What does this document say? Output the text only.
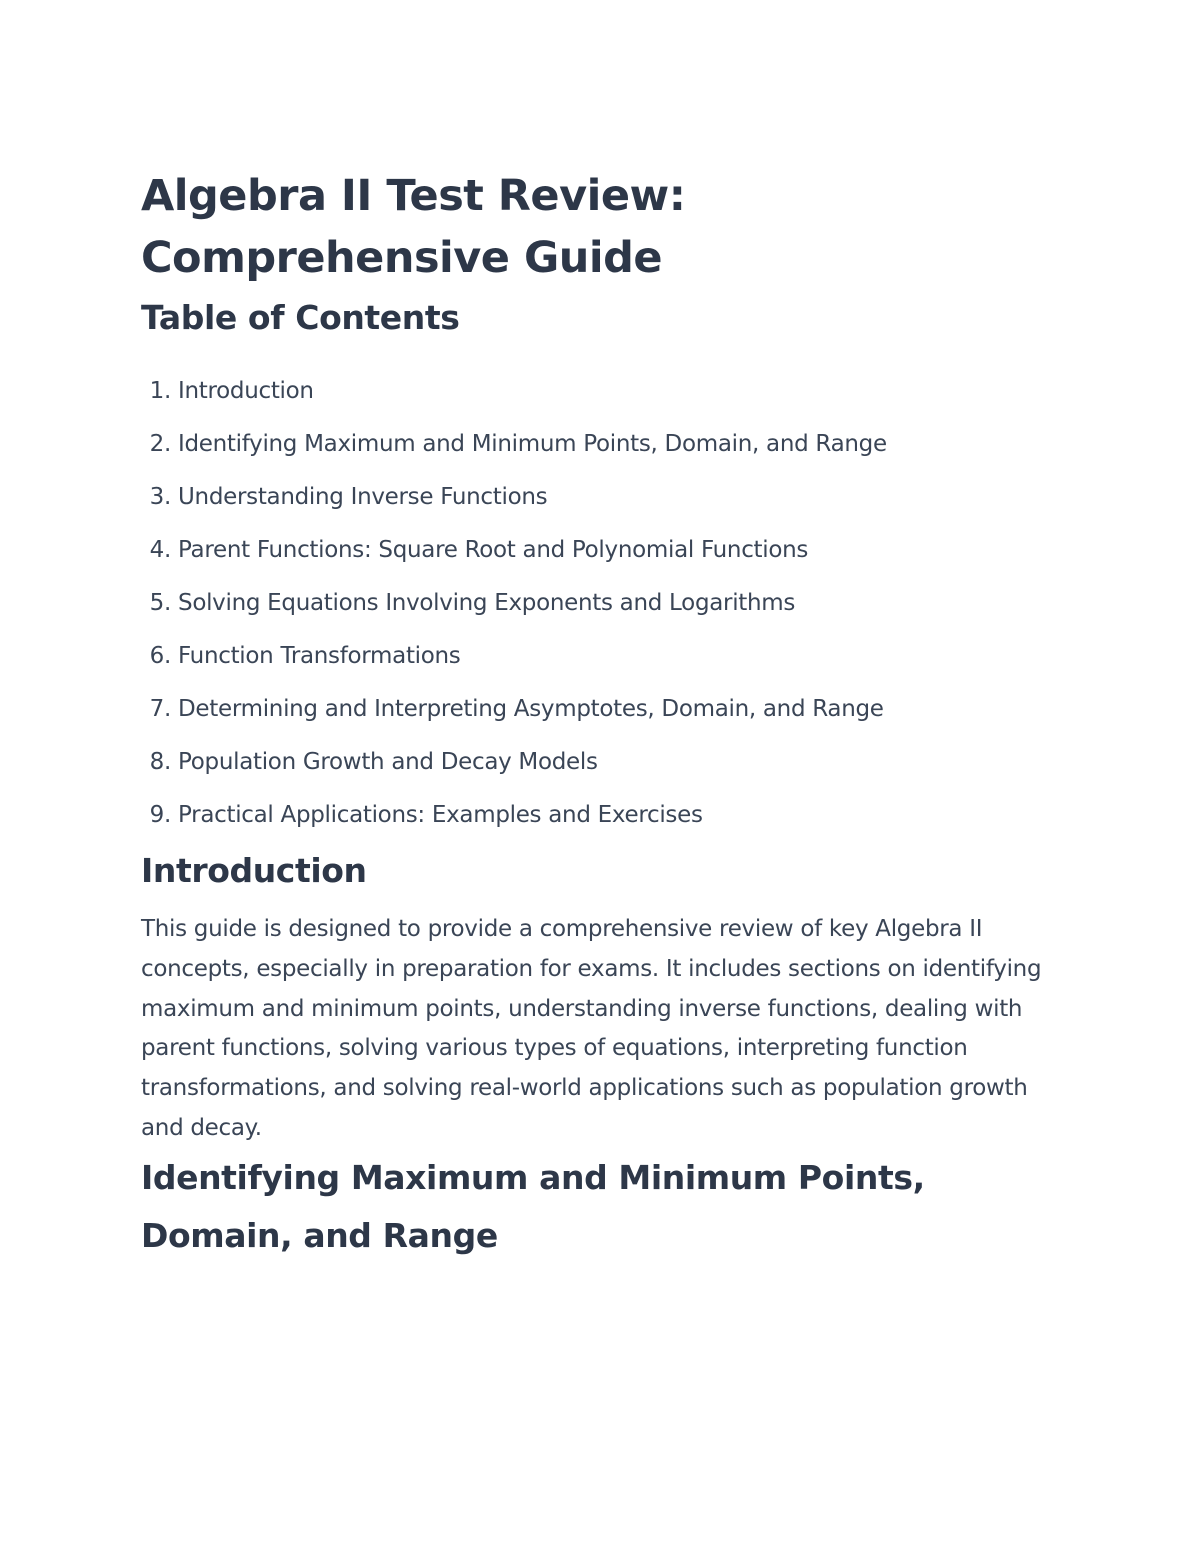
Algebra II Test Review: Comprehensive Guide
Table of Contents
1. Introduction
2. Identifying Maximum and Minimum Points, Domain, and Range
3. Understanding Inverse Functions
4. Parent Functions: Square Root and Polynomial Functions
5. Solving Equations Involving Exponents and Logarithms
6. Function Transformations
7. Determining and Interpreting Asymptotes, Domain, and Range
8. Population Growth and Decay Models
9. Practical Applications: Examples and Exercises
Introduction

This guide is designed to provide a comprehensive review of key Algebra II concepts, especially in preparation for exams. It includes sections on identifying maximum and minimum points, understanding inverse functions, dealing with parent functions, solving various types of equations, interpreting function transformations, and solving real-world applications such as population growth and decay.

Identifying Maximum and Minimum Points, Domain, and Range
